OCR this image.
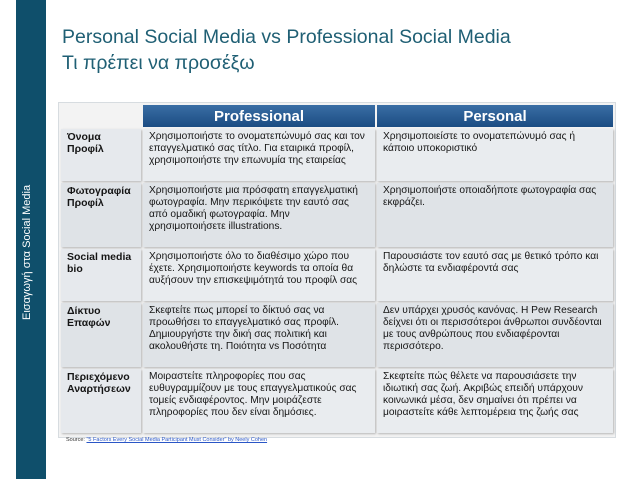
Personal Social Media vs Professional Social Media
Τι πρέπει να προσέξω
Professional	Personal
Όνομα Προφίλ
Χρησιμοποιήστε το ονοματεπώνυμό σας και τον επαγγελματικό σας τίτλο. Για εταιρικά προφίλ, χρησιμοποιήστε την επωνυμία της εταιρείας
Χρησιμοποιείστε το ονοματεπώνυμό σας ή κάποιο υποκοριστικό
Φωτογραφία Προφίλ
Χρησιμοποιήστε μια πρόσφατη επαγγελματική φωτογραφία. Μην περικόψετε την εαυτό σας από ομαδική φωτογραφία. Μην χρησιμοποιήσετε illustrations.
Χρησιμοποιήστε οποιαδήποτε φωτογραφία σας εκφράζει.
Social media bio
Χρησιμοποιήστε όλο το διαθέσιμο χώρο που έχετε. Χρησιμοποιήστε keywords τα οποία θα αυξήσουν την επισκεψιμότητά του προφίλ σας
Παρουσιάστε τον εαυτό σας με θετικό τρόπο και δηλώστε τα ενδιαφέροντά σας
Δίκτυο Επαφών
Σκεφτείτε πως μπορεί το δίκτυό σας να προωθήσει το επαγγελματικό σας προφίλ. Δημιουργήστε την δική σας πολιτική και ακολουθήστε τη. Ποιότητα vs Ποσότητα
Δεν υπάρχει χρυσός κανόνας. Η Pew Research δείχνει ότι οι περισσότεροι άνθρωποι συνδέονται με τους ανθρώπους που ενδιαφέρονται περισσότερο.
Περιεχόμενο Αναρτήσεων
Μοιραστείτε πληροφορίες που σας ευθυγραμμίζουν με τους επαγγελματικούς σας τομείς ενδιαφέροντος. Μην μοιράζεστε πληροφορίες που δεν είναι δημόσιες.
Σκεφτείτε πώς θέλετε να παρουσιάσετε την ιδιωτική σας ζωή. Ακριβώς επειδή υπάρχουν κοινωνικά μέσα, δεν σημαίνει ότι πρέπει να μοιραστείτε κάθε λεπτομέρεια της ζωής σας
Source: "5 Factors Every Social Media Participant Must Consider" by Neely Cohen
